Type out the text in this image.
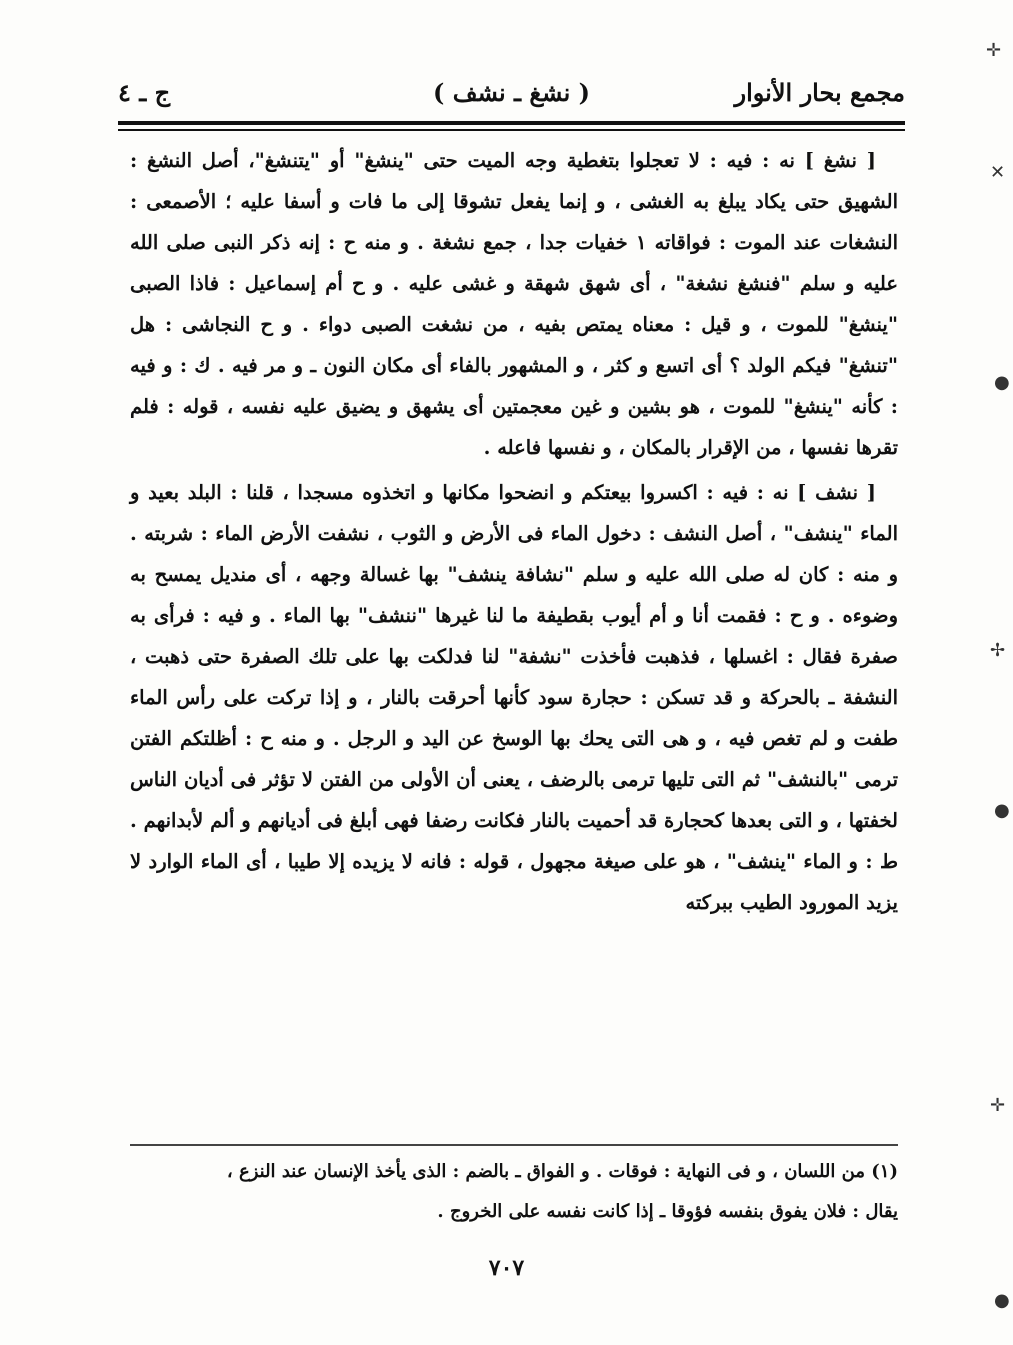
مجمع بحار الأنوار
( نشغ ـ نشف )
ج ـ ٤

[ نشغ ] نه : فيه : لا تعجلوا بتغطية وجه الميت حتى "ينشغ" أو "يتنشغ"، أصل النشغ : الشهيق حتى يكاد يبلغ به الغشى ، و إنما يفعل تشوقا إلى ما فات و أسفا عليه ؛ الأصمعى : النشغات عند الموت : فواقاته ١ خفيات جدا ، جمع نشغة . و منه ح : إنه ذكر النبى صلى الله عليه و سلم "فنشغ نشغة" ، أى شهق شهقة و غشى عليه . و ح أم إسماعيل : فاذا الصبى "ينشغ" للموت ، و قيل : معناه يمتص بفيه ، من نشغت الصبى دواء . و ح النجاشى : هل "تنشغ" فيكم الولد ؟ أى اتسع و كثر ، و المشهور بالفاء أى مكان النون ـ و مر فيه . ك : و فيه : كأنه "ينشغ" للموت ، هو بشين و غين معجمتين أى يشهق و يضيق عليه نفسه ، قوله : فلم تقرها نفسها ، من الإقرار بالمكان ، و نفسها فاعله .

[ نشف ] نه : فيه : اكسروا بيعتكم و انضحوا مكانها و اتخذوه مسجدا ، قلنا : البلد بعيد و الماء "ينشف" ، أصل النشف : دخول الماء فى الأرض و الثوب ، نشفت الأرض الماء : شربته . و منه : كان له صلى الله عليه و سلم "نشافة ينشف" بها غسالة وجهه ، أى منديل يمسح به وضوءه . و ح : فقمت أنا و أم أيوب بقطيفة ما لنا غيرها "ننشف" بها الماء . و فيه : فرأى به صفرة فقال : اغسلها ، فذهبت فأخذت "نشفة" لنا فدلكت بها على تلك الصفرة حتى ذهبت ، النشفة ـ بالحركة و قد تسكن : حجارة سود كأنها أحرقت بالنار ، و إذا تركت على رأس الماء طفت و لم تغص فيه ، و هى التى يحك بها الوسخ عن اليد و الرجل . و منه ح : أظلتكم الفتن ترمى "بالنشف" ثم التى تليها ترمى بالرضف ، يعنى أن الأولى من الفتن لا تؤثر فى أديان الناس لخفتها ، و التى بعدها كحجارة قد أحميت بالنار فكانت رضفا فهى أبلغ فى أديانهم و ألم لأبدانهم . ط : و الماء "ينشف" ، هو على صيغة مجهول ، قوله : فانه لا يزيده إلا طيبا ، أى الماء الوارد لا يزيد المورود الطيب ببركته

(١) من اللسان ، و فى النهاية : فوقات . و الفواق ـ بالضم : الذى يأخذ الإنسان عند النزع ،

يقال : فلان يفوق بنفسه فؤوقا ـ إذا كانت نفسه على الخروج .

٧٠٧
✛
✕
●
✢
●
✛
●
